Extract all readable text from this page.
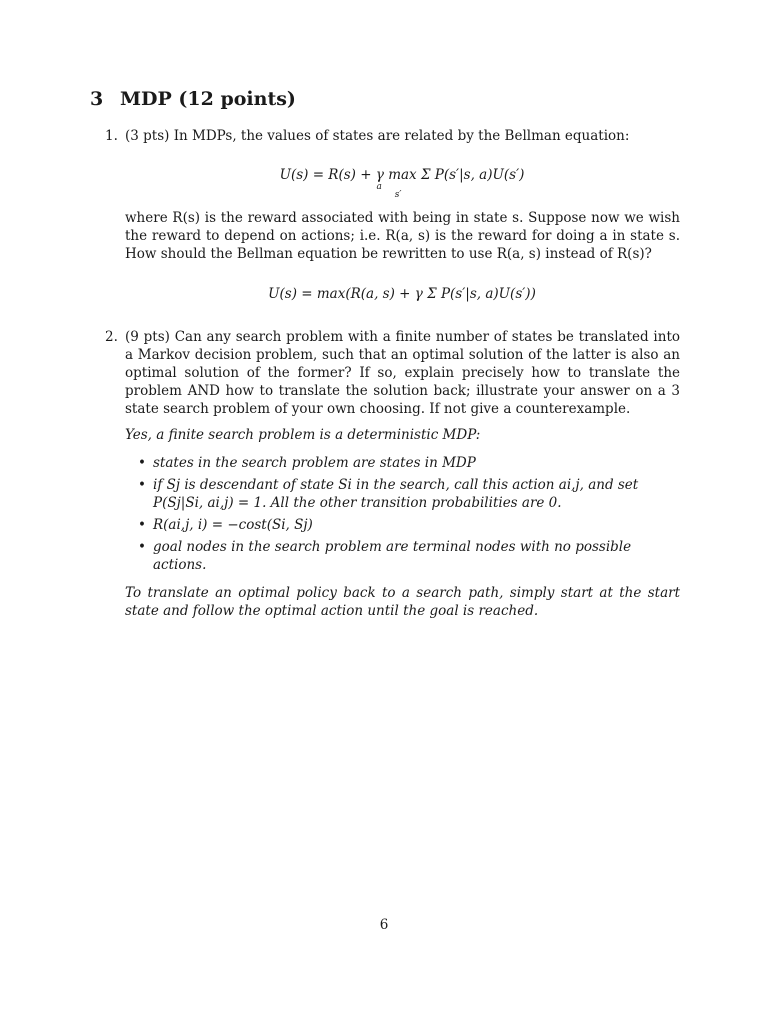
3 MDP (12 points)
1. (3 pts) In MDPs, the values of states are related by the Bellman equation:

U(s) = R(s) + γ max Σ P(s′|s, a)U(s′)
a s′

where R(s) is the reward associated with being in state s. Suppose now we wish the reward to depend on actions; i.e. R(a, s) is the reward for doing a in state s. How should the Bellman equation be rewritten to use R(a, s) instead of R(s)?

U(s) = max(R(a, s) + γ Σ P(s′|s, a)U(s′))
2. (9 pts) Can any search problem with a finite number of states be translated into a Markov decision problem, such that an optimal solution of the latter is also an optimal solution of the former? If so, explain precisely how to translate the problem AND how to translate the solution back; illustrate your answer on a 3 state search problem of your own choosing. If not give a counterexample.

Yes, a finite search problem is a deterministic MDP:

• states in the search problem are states in MDP
• if Sj is descendant of state Si in the search, call this action ai,j, and set P(Sj|Si, ai,j) = 1. All the other transition probabilities are 0.
• R(ai,j, i) = −cost(Si, Sj)
• goal nodes in the search problem are terminal nodes with no possible actions.

To translate an optimal policy back to a search path, simply start at the start state and follow the optimal action until the goal is reached.

6
